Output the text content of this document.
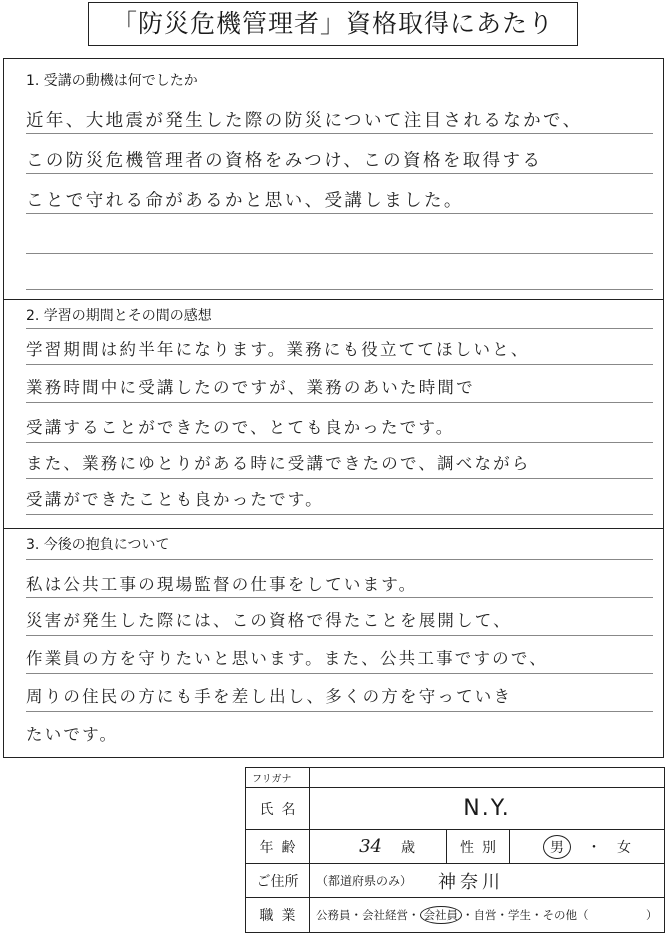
「防災危機管理者」資格取得にあたり
1. 受講の動機は何でしたか
近年、大地震が発生した際の防災について注目されるなかで、
この防災危機管理者の資格をみつけ、この資格を取得する
ことで守れる命があるかと思い、受講しました。
2. 学習の期間とその間の感想
学習期間は約半年になります。業務にも役立ててほしいと、
業務時間中に受講したのですが、業務のあいた時間で
受講することができたので、とても良かったです。
また、業務にゆとりがある時に受講できたので、調べながら
受講ができたことも良かったです。
3. 今後の抱負について
私は公共工事の現場監督の仕事をしています。
災害が発生した際には、この資格で得たことを展開して、
作業員の方を守りたいと思います。また、公共工事ですので、
周りの住民の方にも手を差し出し、多くの方を守っていき
たいです。
フリガナ
氏名	N.Y.
年齢	34	歳	性別	男	・ 女
ご住所	（都道府県のみ） 神奈川
職業	公務員・会社経営・ 会社員 ・自営・学生・その他（　　　　　）
